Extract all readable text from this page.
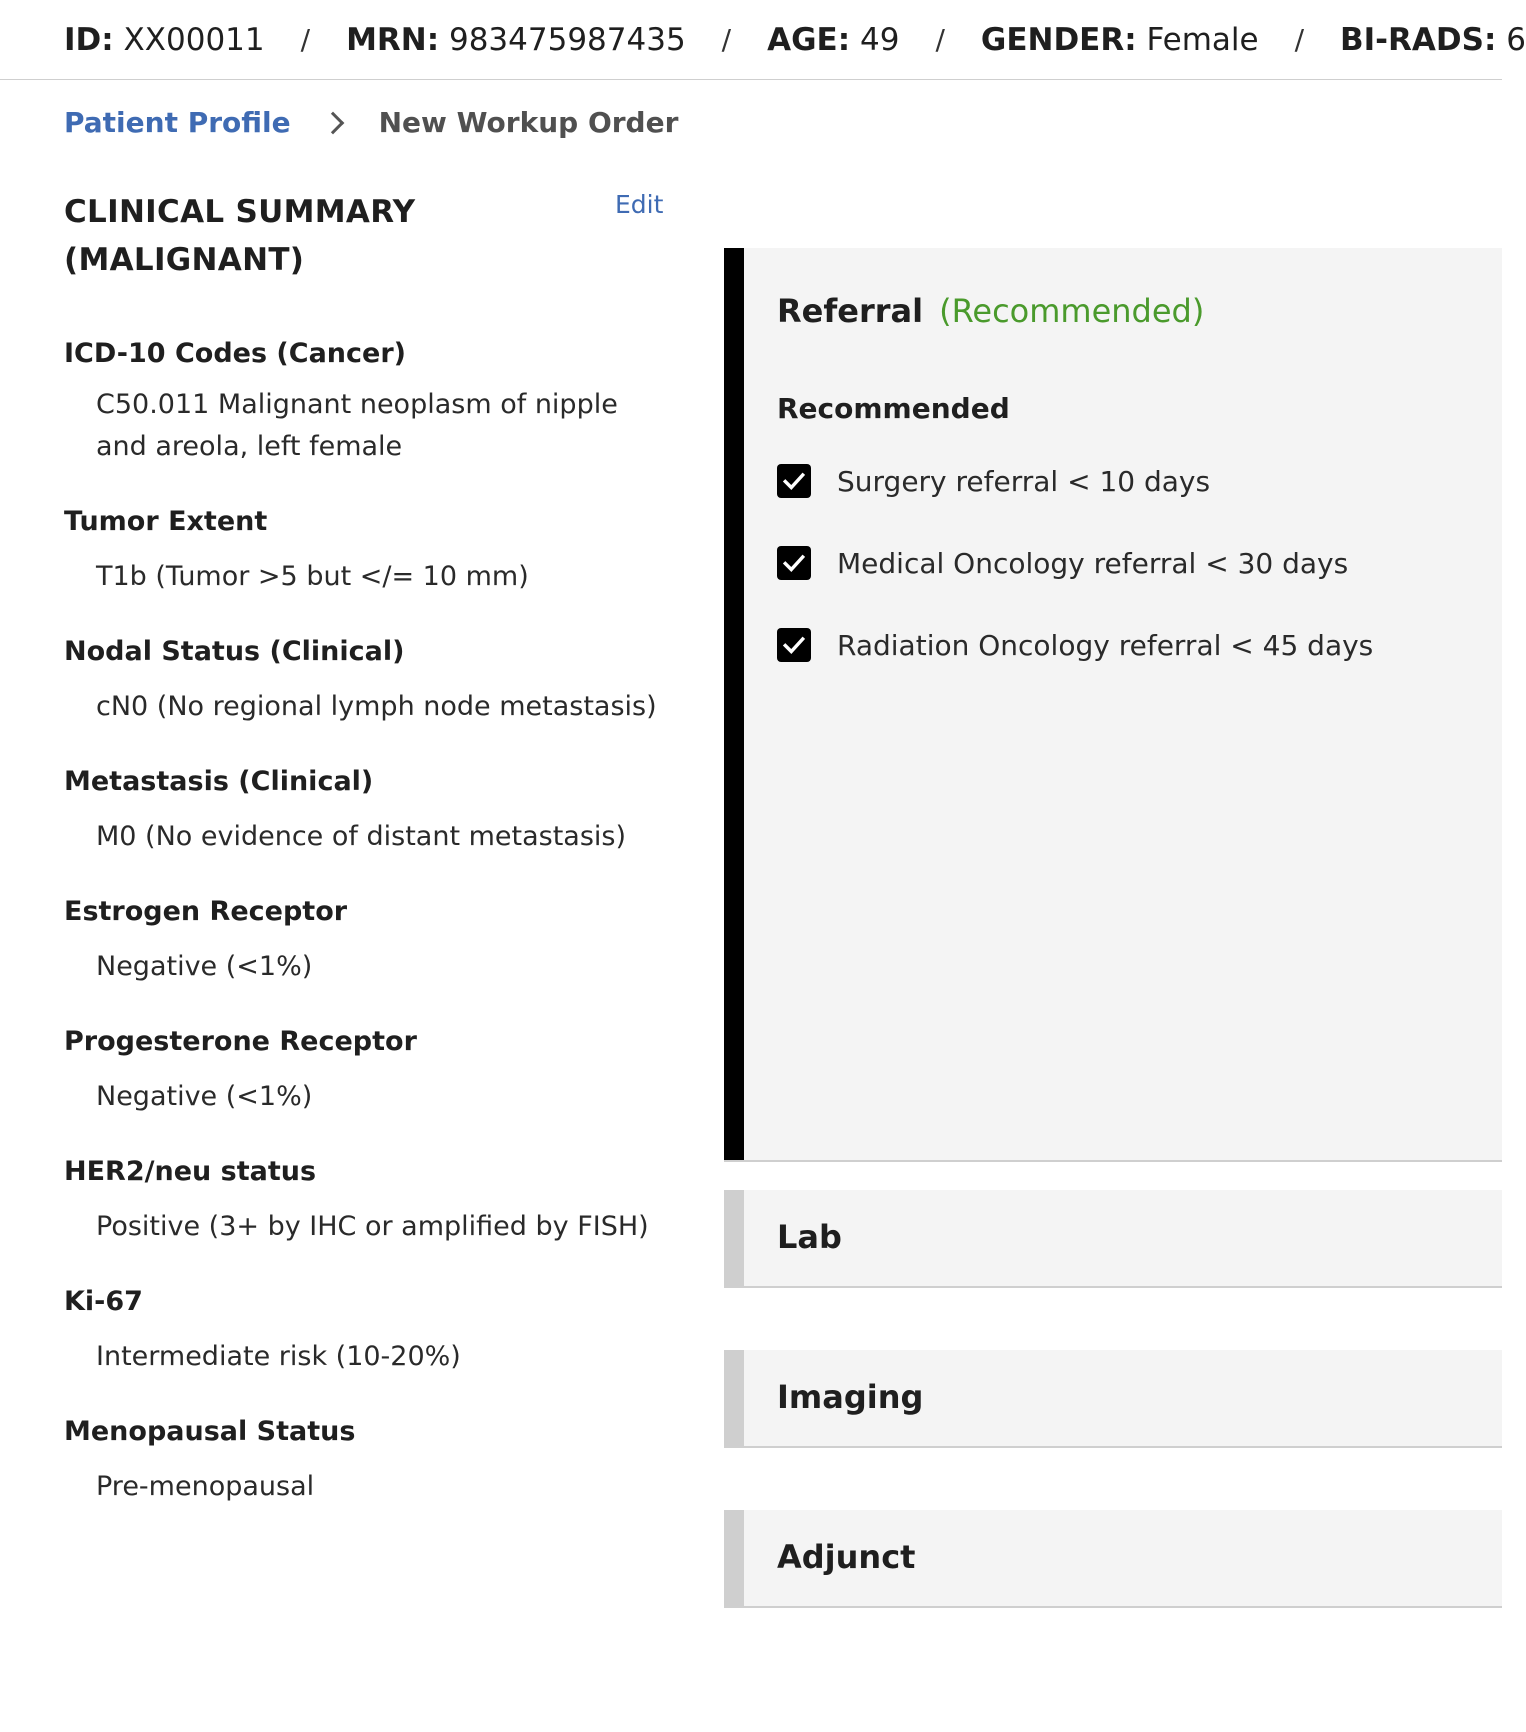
ID: XX00011 / MRN: 983475987435 / AGE: 49 / GENDER: Female / BI-RADS: 6
Patient Profile	New Workup Order
CLINICAL SUMMARY (MALIGNANT)
Edit
ICD-10 Codes (Cancer)
C50.011 Malignant neoplasm of nipple and areola, left female
Tumor Extent
T1b (Tumor >5 but </= 10 mm)
Nodal Status (Clinical)
cN0 (No regional lymph node metastasis)
Metastasis (Clinical)
M0 (No evidence of distant metastasis)
Estrogen Receptor
Negative (<1%)
Progesterone Receptor
Negative (<1%)
HER2/neu status
Positive (3+ by IHC or amplified by FISH)
Ki-67
Intermediate risk (10-20%)
Menopausal Status
Pre-menopausal
Referral (Recommended)
Recommended
Surgery referral < 10 days
Medical Oncology referral < 30 days
Radiation Oncology referral < 45 days
Lab
Imaging
Adjunct
